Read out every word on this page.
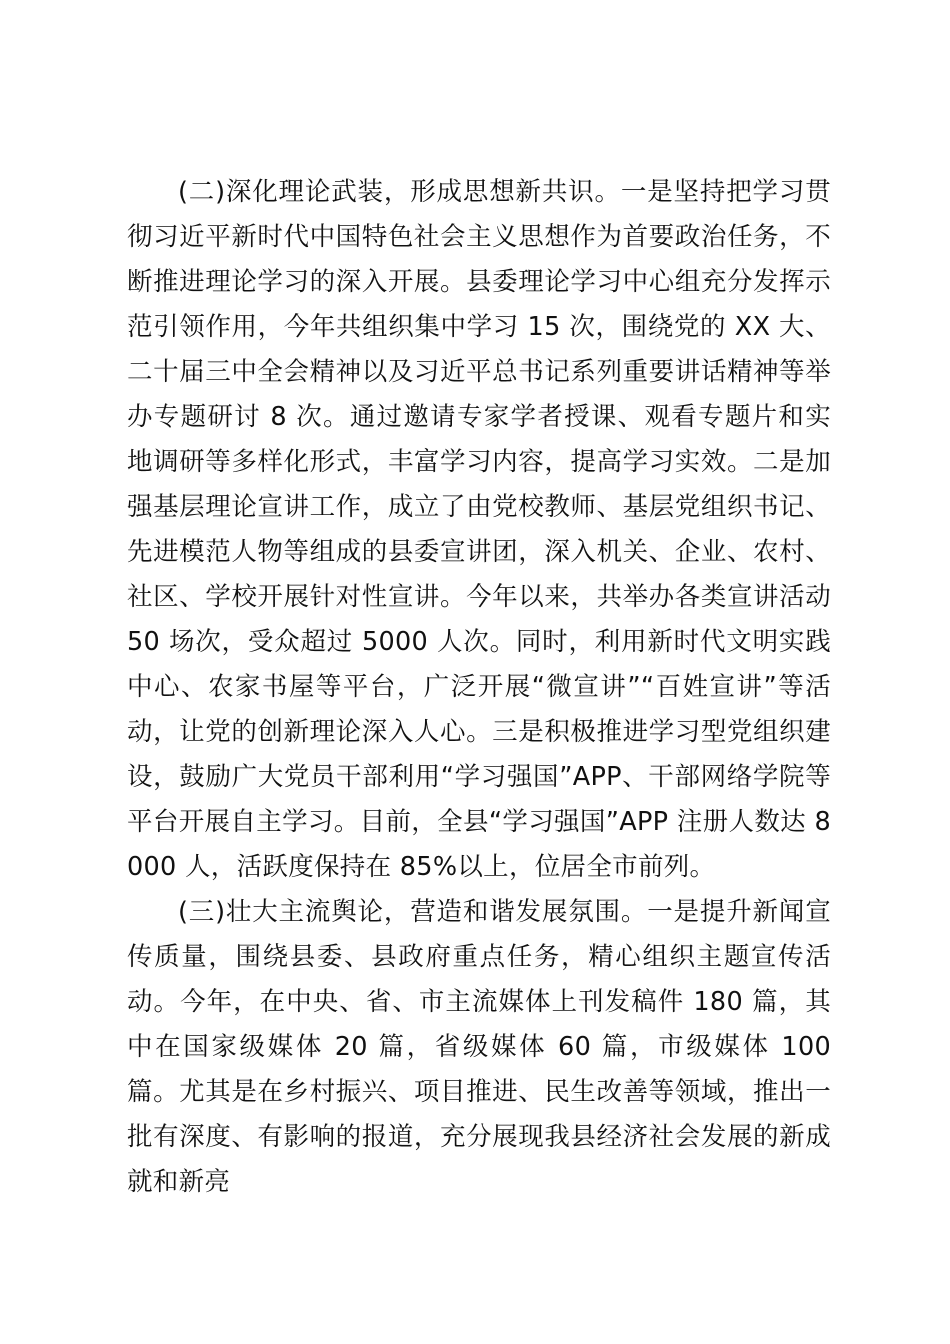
(二)深化理论武装，形成思想新共识。一是坚持把学习贯彻习近平新时代中国特色社会主义思想作为首要政治任务，不断推进理论学习的深入开展。县委理论学习中心组充分发挥示范引领作用，今年共组织集中学习 15 次，围绕党的 XX 大、二十届三中全会精神以及习近平总书记系列重要讲话精神等举办专题研讨 8 次。通过邀请专家学者授课、观看专题片和实地调研等多样化形式，丰富学习内容，提高学习实效。二是加强基层理论宣讲工作，成立了由党校教师、基层党组织书记、先进模范人物等组成的县委宣讲团，深入机关、企业、农村、社区、学校开展针对性宣讲。今年以来，共举办各类宣讲活动 50 场次，受众超过 5000 人次。同时，利用新时代文明实践中心、农家书屋等平台，广泛开展“微宣讲”“百姓宣讲”等活动，让党的创新理论深入人心。三是积极推进学习型党组织建设，鼓励广大党员干部利用“学习强国”APP、干部网络学院等平台开展自主学习。目前，全县“学习强国”APP 注册人数达 8000 人，活跃度保持在 85%以上，位居全市前列。

(三)壮大主流舆论，营造和谐发展氛围。一是提升新闻宣传质量，围绕县委、县政府重点任务，精心组织主题宣传活动。今年，在中央、省、市主流媒体上刊发稿件 180 篇，其中在国家级媒体 20 篇，省级媒体 60 篇，市级媒体 100 篇。尤其是在乡村振兴、项目推进、民生改善等领域，推出一批有深度、有影响的报道，充分展现我县经济社会发展的新成就和新亮
